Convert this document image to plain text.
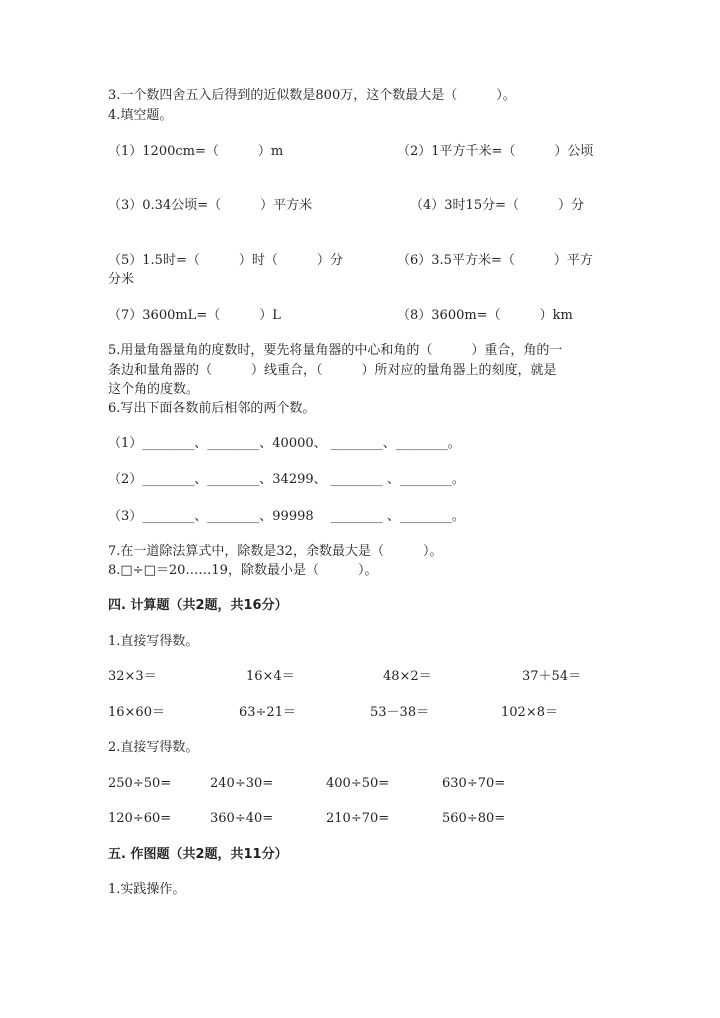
3.一个数四舍五入后得到的近似数是800万，这个数最大是（　　　）。
4.填空题。
（1）1200cm=（　　　）m	（2）1平方千米=（　　　）公顷
（3）0.34公顷=（　　　）平方米	（4）3时15分=（　　　）分
（5）1.5时=（　　　）时（　　　）分	（6）3.5平方米=（　　　）平方
分米
（7）3600mL=（　　　）L	（8）3600m=（　　　）km
5.用量角器量角的度数时，要先将量角器的中心和角的（　　　）重合，角的一
条边和量角器的（　　　）线重合，（　　　）所对应的量角器上的刻度，就是
这个角的度数。
6.写出下面各数前后相邻的两个数。
（1）________、________、40000、 ________、________。
（2）________、________、34299、 ________ 、________。
（3）________、________、99998　 ________ 、________。
7.在一道除法算式中，除数是32，余数最大是（　　　）。
8.□÷□＝20……19，除数最小是（　　　）。
四. 计算题（共2题，共16分）
1.直接写得数。
32×3＝	16×4＝	48×2＝	37＋54＝
16×60＝	63÷21＝	53－38＝	102×8＝
2.直接写得数。
250÷50=	240÷30=	400÷50=	630÷70=
120÷60=	360÷40=	210÷70=	560÷80=
五. 作图题（共2题，共11分）
1.实践操作。
